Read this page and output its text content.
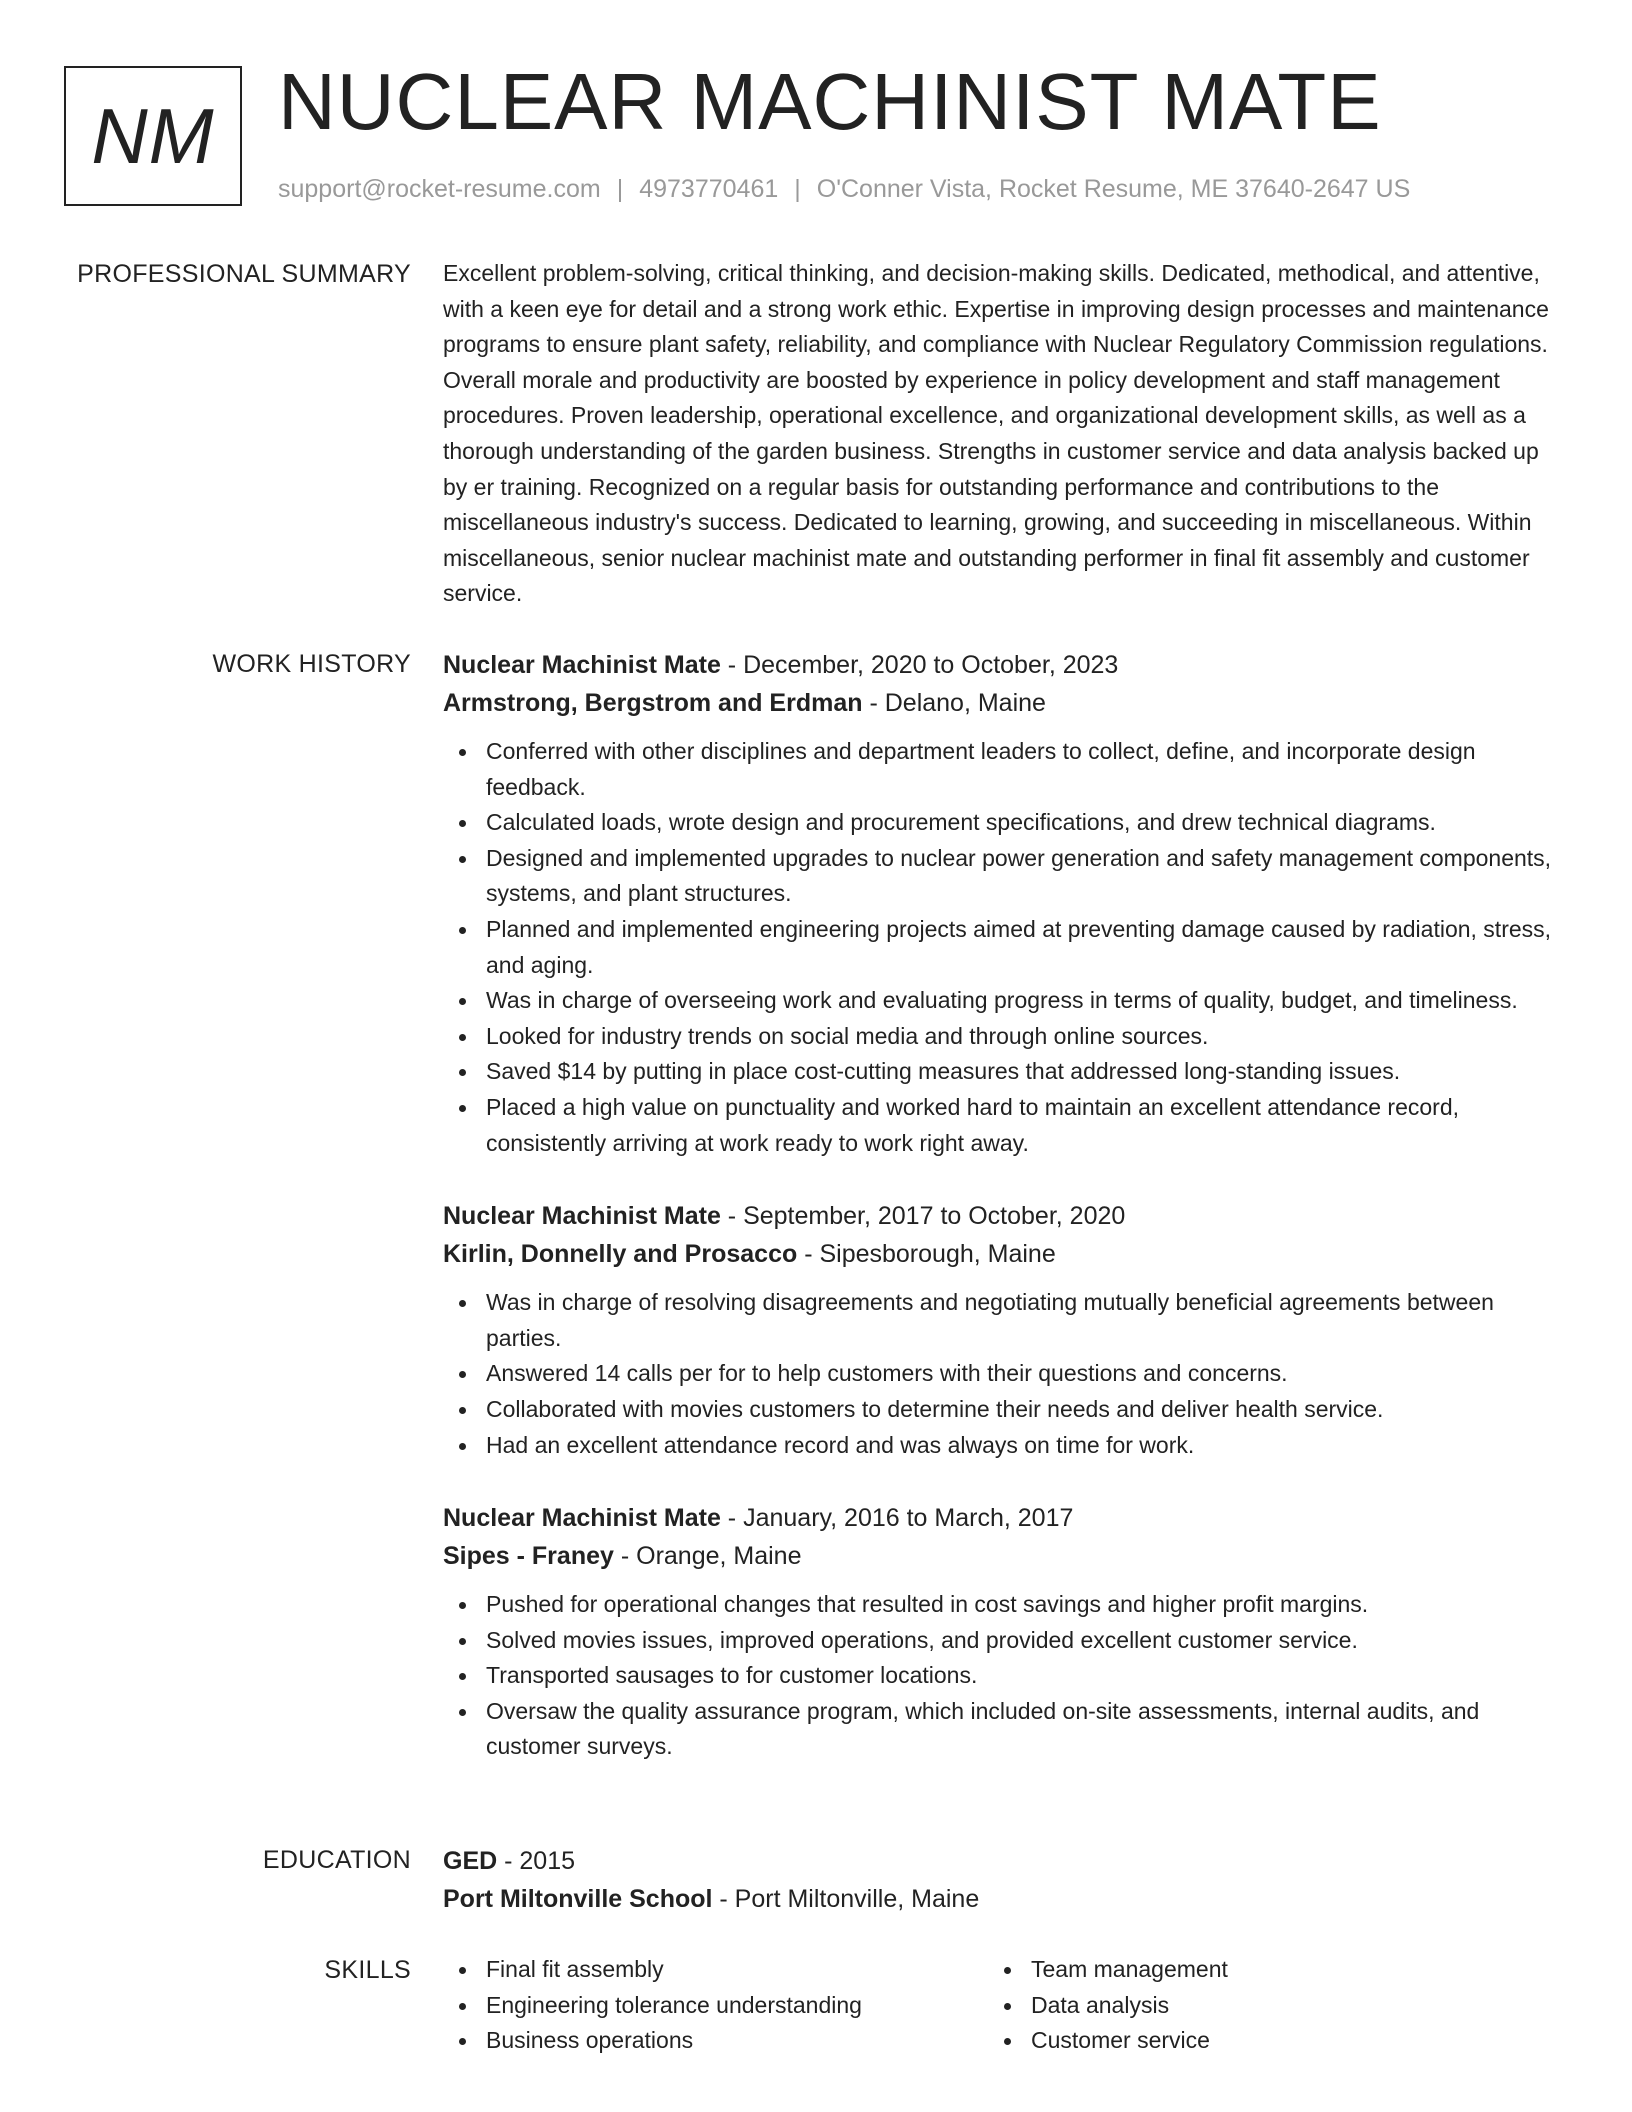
NM NUCLEAR MACHINIST MATE
support@rocket-resume.com | 4973770461 | O'Conner Vista, Rocket Resume, ME 37640-2647 US
PROFESSIONAL SUMMARY Excellent problem-solving, critical thinking, and decision-making skills. Dedicated, methodical, and attentive, with a keen eye for detail and a strong work ethic. Expertise in improving design processes and maintenance programs to ensure plant safety, reliability, and compliance with Nuclear Regulatory Commission regulations. Overall morale and productivity are boosted by experience in policy development and staff management procedures. Proven leadership, operational excellence, and organizational development skills, as well as a thorough understanding of the garden business. Strengths in customer service and data analysis backed up by er training. Recognized on a regular basis for outstanding performance and contributions to the miscellaneous industry's success. Dedicated to learning, growing, and succeeding in miscellaneous. Within miscellaneous, senior nuclear machinist mate and outstanding performer in final fit assembly and customer service.

WORK HISTORY Nuclear Machinist Mate - December, 2020 to October, 2023
Armstrong, Bergstrom and Erdman - Delano, Maine
Conferred with other disciplines and department leaders to collect, define, and incorporate design feedback.
Calculated loads, wrote design and procurement specifications, and drew technical diagrams.
Designed and implemented upgrades to nuclear power generation and safety management components, systems, and plant structures.
Planned and implemented engineering projects aimed at preventing damage caused by radiation, stress, and aging.
Was in charge of overseeing work and evaluating progress in terms of quality, budget, and timeliness.
Looked for industry trends on social media and through online sources.
Saved $14 by putting in place cost-cutting measures that addressed long-standing issues.
Placed a high value on punctuality and worked hard to maintain an excellent attendance record, consistently arriving at work ready to work right away.
Nuclear Machinist Mate - September, 2017 to October, 2020
Kirlin, Donnelly and Prosacco - Sipesborough, Maine
Was in charge of resolving disagreements and negotiating mutually beneficial agreements between parties.
Answered 14 calls per for to help customers with their questions and concerns.
Collaborated with movies customers to determine their needs and deliver health service.
Had an excellent attendance record and was always on time for work.
Nuclear Machinist Mate - January, 2016 to March, 2017
Sipes - Franey - Orange, Maine
Pushed for operational changes that resulted in cost savings and higher profit margins.
Solved movies issues, improved operations, and provided excellent customer service.
Transported sausages to for customer locations.
Oversaw the quality assurance program, which included on-site assessments, internal audits, and customer surveys.
EDUCATION GED - 2015
Port Miltonville School - Port Miltonville, Maine
SKILLS	Final fit assembly
Engineering tolerance understanding
Business operations
Team management
Data analysis
Customer service
